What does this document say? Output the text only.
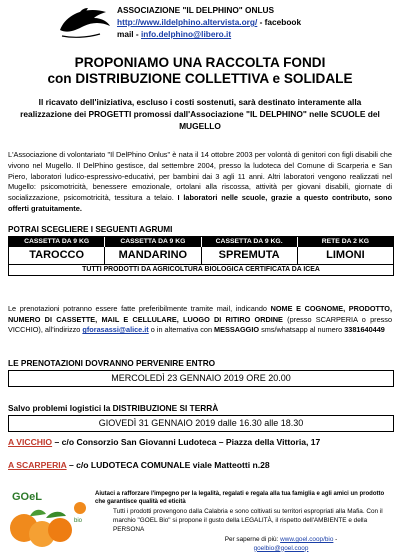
ASSOCIAZIONE "IL DELPHINO" ONLUS
http://www.ildelphino.altervista.org/ - facebook
mail - info.delphino@libero.it
PROPONIAMO UNA RACCOLTA FONDI
con DISTRIBUZIONE COLLETTIVA e SOLIDALE
Il ricavato dell'iniziativa, escluso i costi sostenuti, sarà destinato interamente alla realizzazione dei PROGETTI promossi dall'Associazione "IL DELPHINO" nelle SCUOLE del MUGELLO
L'Associazione di volontariato "Il DelPhino Onlus" è nata il 14 ottobre 2003 per volontà di genitori con figli disabili che vivono nel Mugello. Il DelPhino gestisce, dal settembre 2004, presso la ludoteca del Comune di Scarperia e San Piero, laboratori ludico-espressivo-educativi, per bambini dai 3 agli 11 anni. Altri laboratori vengono realizzati nel Mugello: psicomotricità, benessere emozionale, ortolani alla riscossa, attività per giovani disabili, giornate di socializzazione, psicomotricità, tessitura a telaio. I laboratori nelle scuole, grazie a questo contributo, sono offerti gratuitamente.
POTRAI SCEGLIERE I SEGUENTI AGRUMI
CASSETTA DA 9 KG	CASSETTA DA 9 KG	CASSETTA DA 9 KG.	RETE DA 2 KG
TAROCCO	MANDARINO	SPREMUTA	LIMONI
TUTTI PRODOTTI DA AGRICOLTURA BIOLOGICA CERTIFICATA DA ICEA
Le prenotazioni potranno essere fatte preferibilmente tramite mail, indicando NOME E COGNOME, PRODOTTO, NUMERO DI CASSETTE, MAIL E CELLULARE, LUOGO DI RITIRO ORDINE (presso SCARPERIA o presso VICCHIO), all'indirizzo gforasassi@alice.it o in alternativa con MESSAGGIO sms/whatsapp al numero 3381640449
LE PRENOTAZIONI DOVRANNO PERVENIRE ENTRO
MERCOLEDÌ 23 GENNAIO 2019 ORE 20.00
Salvo problemi logistici la DISTRIBUZIONE SI TERRÀ
GIOVEDÌ 31 GENNAIO 2019 dalle 16.30 alle 18.30
A VICCHIO – c/o Consorzio San Giovanni Ludoteca – Piazza della Vittoria, 17
A SCARPERIA – c/o LUDOTECA COMUNALE viale Matteotti n.28
GOeL
bio
Aiutaci a rafforzare l'impegno per la legalità, regalati e regala alla tua famiglia e agli amici un prodotto che garantisce qualità ed eticità
Tutti i prodotti provengono dalla Calabria e sono coltivati su territori espropriati alla Mafia. Con il marchio "GOEL Bio" si propone il gusto della LEGALITÀ, il rispetto dell'AMBIENTE e della PERSONA
Per saperne di più: www.goel.coop/bio -
goelbio@goel.coop
